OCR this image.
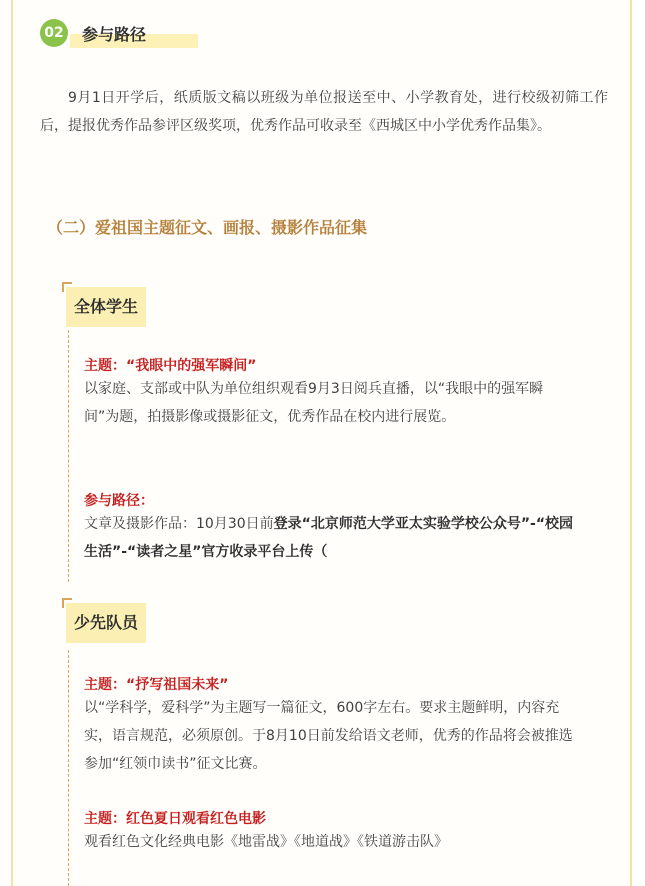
02 参与路径

9月1日开学后，纸质版文稿以班级为单位报送至中、小学教育处，进行校级初筛工作后，提报优秀作品参评区级奖项，优秀作品可收录至《西城区中小学优秀作品集》。

（二）爱祖国主题征文、画报、摄影作品征集
全体学生
主题：“我眼中的强军瞬间”

以家庭、支部或中队为单位组织观看9月3日阅兵直播，以“我眼中的强军瞬间”为题，拍摄影像或摄影征文，优秀作品在校内进行展览。

参与路径：

文章及摄影作品：10月30日前登录“北京师范大学亚太实验学校公众号”-“校园生活”-“读者之星”官方收录平台上传（

少先队员
主题：“抒写祖国未来”

以“学科学，爱科学”为主题写一篇征文，600字左右。要求主题鲜明，内容充实，语言规范，必须原创。于8月10日前发给语文老师，优秀的作品将会被推选参加“红领巾读书”征文比赛。

主题：红色夏日观看红色电影

观看红色文化经典电影《地雷战》《地道战》《铁道游击队》
